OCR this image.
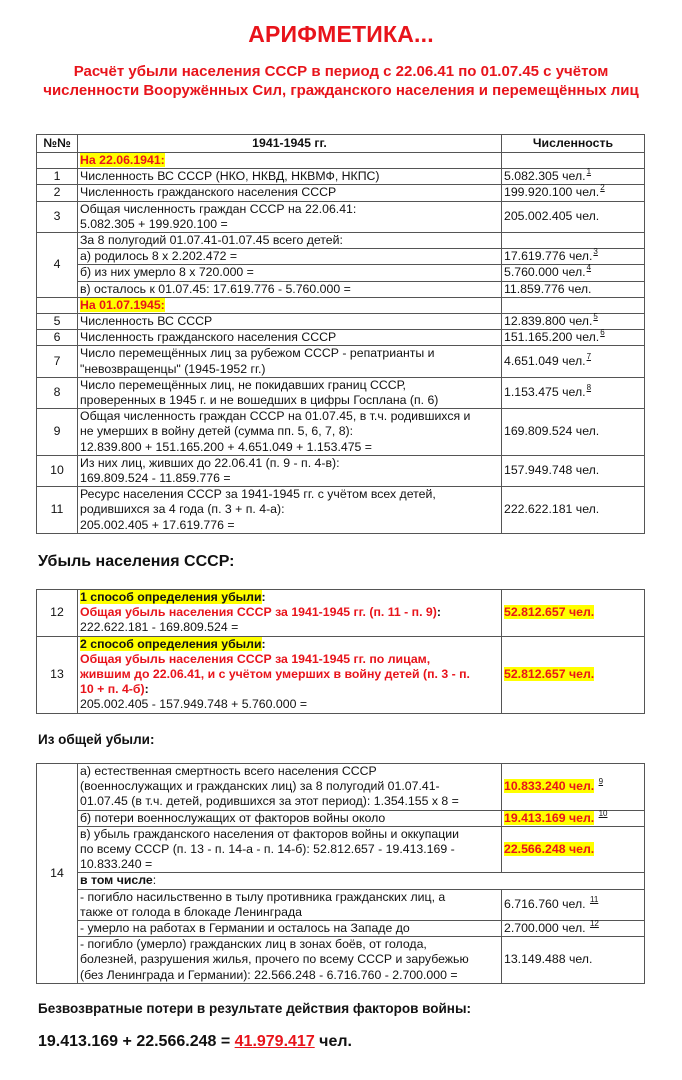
АРИФМЕТИКА...
Расчёт убыли населения СССР в период с 22.06.41 по 01.07.45 с учётом численности Вооружённых Сил, гражданского населения и перемещённых лиц
№№	1941-1945 гг.	Численность
	На 22.06.1941:	
1	Численность ВС СССР (НКО, НКВД, НКВМФ, НКПС)	5.082.305 чел.$^1$
2	Численность гражданского населения СССР	199.920.100 чел.$^2$
3	Общая численность граждан СССР на 22.06.41:
5.082.305 + 199.920.100 =	205.002.405 чел.
4	За 8 полугодий 01.07.41-01.07.45 всего детей:	
	а) родилось 8 х 2.202.472 =	17.619.776 чел.$^3$
	б) из них умерло 8 х 720.000 =	5.760.000 чел.$^4$
	в) осталось к 01.07.45: 17.619.776 - 5.760.000 =	11.859.776 чел.
	На 01.07.1945:	
5	Численность ВС СССР	12.839.800 чел.$^5$
6	Численность гражданского населения СССР	151.165.200 чел.$^6$
7	Число перемещённых лиц за рубежом СССР - репатрианты и
"невозвращенцы" (1945-1952 гг.)	4.651.049 чел.$^7$
8	Число перемещённых лиц, не покидавших границ СССР,
проверенных в 1945 г. и не вошедших в цифры Госплана (п. 6)	1.153.475 чел.$^8$
9	Общая численность граждан СССР на 01.07.45, в т.ч. родившихся и
не умерших в войну детей (сумма пп. 5, 6, 7, 8):
12.839.800 + 151.165.200 + 4.651.049 + 1.153.475 =	169.809.524 чел.
10	Из них лиц, живших до 22.06.41 (п. 9 - п. 4-в):
169.809.524 - 11.859.776 =	157.949.748 чел.
11	Ресурс населения СССР за 1941-1945 гг. с учётом всех детей,
родившихся за 4 года (п. 3 + п. 4-а):
205.002.405 + 17.619.776 =	222.622.181 чел.
Убыль населения СССР:
12	1 способ определения убыли:
Общая убыль населения СССР за 1941-1945 гг. (п. 11 - п. 9):
222.622.181 - 169.809.524 =	52.812.657 чел.
13	2 способ определения убыли:
Общая убыль населения СССР за 1941-1945 гг. по лицам,
жившим до 22.06.41, и с учётом умерших в войну детей (п. 3 - п.
10 + п. 4-б):
205.002.405 - 157.949.748 + 5.760.000 =	52.812.657 чел.
Из общей убыли:
14	а) естественная смертность всего населения СССР
(военнослужащих и гражданских лиц) за 8 полугодий 01.07.41-
01.07.45 (в т.ч. детей, родившихся за этот период): 1.354.155 х 8 =	10.833.240 чел. $^9$
	б) потери военнослужащих от факторов войны около	19.413.169 чел. $^{10}$

	в) убыль гражданского населения от факторов войны и оккупации
по всему СССР (п. 13 - п. 14-а - п. 14-б): 52.812.657 - 19.413.169 -
10.833.240 =	22.566.248 чел.
	в том числе:	

	- погибло насильственно в тылу противника гражданских лиц, а
также от голода в блокаде Ленинграда	6.716.760 чел. $^{11}$
	- умерло на работах в Германии и осталось на Западе до	2.700.000 чел. $^{12}$

	- погибло (умерло) гражданских лиц в зонах боёв, от голода,
болезней, разрушения жилья, прочего по всему СССР и зарубежью
(без Ленинграда и Германии): 22.566.248 - 6.716.760 - 2.700.000 =	13.149.488 чел.
Безвозвратные потери в результате действия факторов войны:
19.413.169 + 22.566.248 = 41.979.417 чел.
